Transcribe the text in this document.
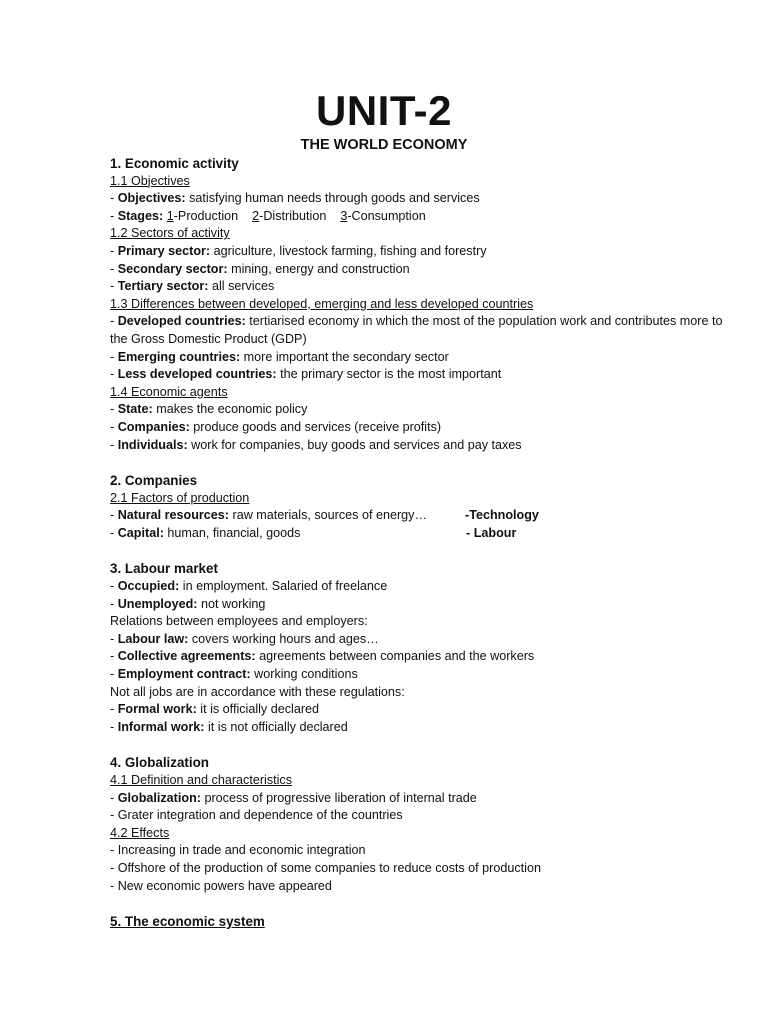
UNIT-2
THE WORLD ECONOMY
1. Economic activity
1.1 Objectives
- Objectives: satisfying human needs through goods and services
- Stages: 1-Production 2-Distribution 3-Consumption
1.2 Sectors of activity
- Primary sector: agriculture, livestock farming, fishing and forestry
- Secondary sector: mining, energy and construction
- Tertiary sector: all services
1.3 Differences between developed, emerging and less developed countries
- Developed countries: tertiarised economy in which the most of the population work and contributes more to the Gross Domestic Product (GDP)
- Emerging countries: more important the secondary sector
- Less developed countries: the primary sector is the most important
1.4 Economic agents
- State: makes the economic policy
- Companies: produce goods and services (receive profits)
- Individuals: work for companies, buy goods and services and pay taxes
2. Companies
2.1 Factors of production
- Natural resources: raw materials, sources of energy…	-Technology
- Capital: human, financial, goods	- Labour
3. Labour market
- Occupied: in employment. Salaried of freelance
- Unemployed: not working
Relations between employees and employers:
- Labour law: covers working hours and ages…
- Collective agreements: agreements between companies and the workers
- Employment contract: working conditions
Not all jobs are in accordance with these regulations:
- Formal work: it is officially declared
- Informal work: it is not officially declared
4. Globalization
4.1 Definition and characteristics
- Globalization: process of progressive liberation of internal trade
- Grater integration and dependence of the countries
4.2 Effects
- Increasing in trade and economic integration
- Offshore of the production of some companies to reduce costs of production
- New economic powers have appeared
5. The economic system
